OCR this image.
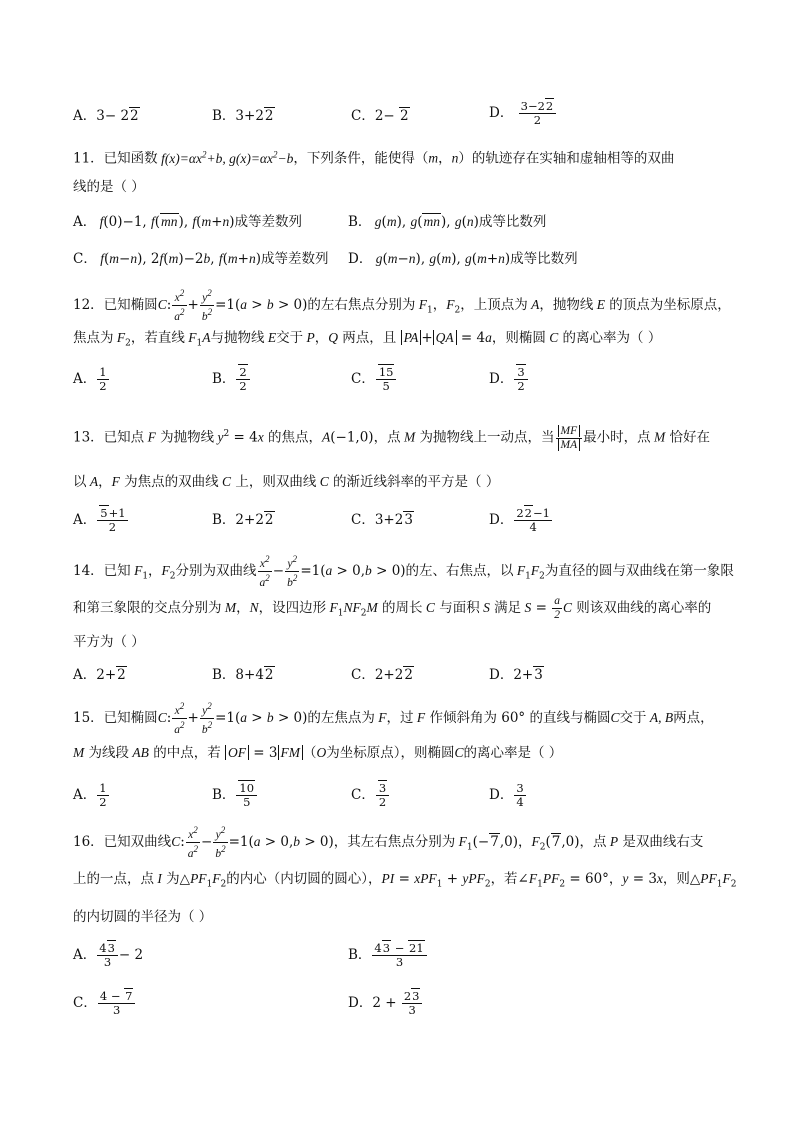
A．3− 22	B．3+22	C．2− 2	D． $\frac{3-22}{2}$
11．已知函数 $f(x)=\alpha x^2+b$, $g(x)=\alpha x^2-b$，下列条件，能使得（m，n）的轨迹存在实轴和虚轴相等的双曲
线的是（ ）
A． f(0)−1, f(mn), f(m+n)成等差数列	B． g(m), g(mn), g(n)成等比数列
C． f(m−n), 2f(m)−2b, f(m+n)成等差数列 D． g(m−n), g(m), g(m+n)成等比数列
12．已知椭圆C: $\frac{x^2}{a^2} + \frac{y^2}{b^2} =1(a > b > 0)$的左右焦点分别为 $F_1$，$F_2$，上顶点为 A，抛物线 E 的顶点为坐标原点，
焦点为 $F_2$，若直线 $F_1A$与抛物线 E交于 P，Q 两点，且 PA + QA = 4a，则椭圆 C 的离心率为（ ）
A． $\frac{1}{2}$	B． $\frac{2}{2}$	C． $\frac{15}{5}$	D． $\frac{3}{2}$
13．已知点 F 为抛物线 $y^2 = 4x$ 的焦点，A(−1,0)，点 M 为抛物线上一动点，当 $\frac{MF}{MA}$ 最小时，点 M 恰好在
以 A，F 为焦点的双曲线 C 上，则双曲线 C 的渐近线斜率的平方是（ ）
A． $\frac{5+1}{2}$	B．2+22	C．3+23	D． $\frac{22-1}{4}$
14．已知 $F_1$，$F_2$分别为双曲线 $\frac{x^2}{a^2} - \frac{y^2}{b^2} =1(a > 0,b > 0)$的左、右焦点，以 $F_1F_2$为直径的圆与双曲线在第一象限
和第三象限的交点分别为 M，N，设四边形 $F_1NF_2M$ 的周长 C 与面积 S 满足 $S = \frac{a}{2}$ C 则该双曲线的离心率的
平方为（ ）
A．2+2	B．8+42	C．2+22	D．2+3
15．已知椭圆C: $\frac{x^2}{a^2} + \frac{y^2}{b^2} =1(a > b > 0)$的左焦点为 F，过 F 作倾斜角为 60° 的直线与椭圆C交于 A, B两点，
M 为线段 AB 的中点，若 OF = 3 FM （O为坐标原点），则椭圆C的离心率是（ ）
A． $\frac{1}{2}$	B． $\frac{10}{5}$	C． $\frac{3}{2}$	D． $\frac{3}{4}$
16．已知双曲线C: $\frac{x^2}{a^2} - \frac{y^2}{b^2} =1(a > 0,b > 0)$，其左右焦点分别为 $F_1(-7,0)$，$F_2(7,0)$，点 P 是双曲线右支
上的一点，点 I 为$\triangle PF_1F_2$的内心（内切圆的圆心），PI = xPF$_1$ + yPF$_2$，若$\angle F_1PF_2 = 60^\circ$，y = 3x，则$\triangle PF_1F_2$
的内切圆的半径为（ ）
A． $\frac{43}{3} - 2$	B． $\frac{43 - 21}{3}$
C． $\frac{4 - 7}{3}$	D．$2 + \frac{23}{3}$
